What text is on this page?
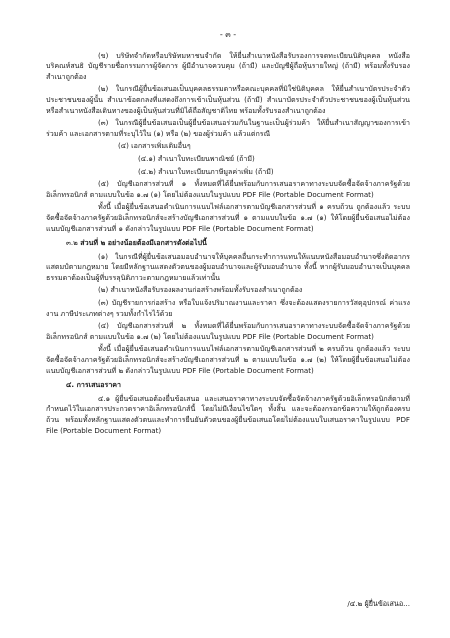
- ๓ -

(ข) บริษัทจำกัดหรือบริษัทมหาชนจำกัด ให้ยื่นสำเนาหนังสือรับรองการจดทะเบียนนิติบุคคล หนังสือบริคณห์สนธิ บัญชีรายชื่อกรรมการผู้จัดการ ผู้มีอำนาจควบคุม (ถ้ามี) และบัญชีผู้ถือหุ้นรายใหญ่ (ถ้ามี) พร้อมทั้งรับรองสำเนาถูกต้อง

(๒) ในกรณีผู้ยื่นข้อเสนอเป็นบุคคลธรรมดาหรือคณะบุคคลที่มิใช่นิติบุคคล ให้ยื่นสำเนาบัตรประจำตัวประชาชนของผู้นั้น สำเนาข้อตกลงที่แสดงถึงการเข้าเป็นหุ้นส่วน (ถ้ามี) สำเนาบัตรประจำตัวประชาชนของผู้เป็นหุ้นส่วน หรือสำเนาหนังสือเดินทางของผู้เป็นหุ้นส่วนที่มิได้ถือสัญชาติไทย พร้อมทั้งรับรองสำเนาถูกต้อง

(๓) ในกรณีผู้ยื่นข้อเสนอเป็นผู้ยื่นข้อเสนอร่วมกันในฐานะเป็นผู้ร่วมค้า ให้ยื่นสำเนาสัญญาของการเข้าร่วมค้า และเอกสารตามที่ระบุไว้ใน (๑) หรือ (๒) ของผู้ร่วมค้า แล้วแต่กรณี

(๔) เอกสารเพิ่มเติมอื่นๆ

(๔.๑) สำเนาใบทะเบียนพาณิชย์ (ถ้ามี)

(๔.๒) สำเนาใบทะเบียนภาษีมูลค่าเพิ่ม (ถ้ามี)

(๕) บัญชีเอกสารส่วนที่ ๑ ทั้งหมดที่ได้ยื่นพร้อมกับการเสนอราคาทางระบบจัดซื้อจัดจ้างภาครัฐด้วยอิเล็กทรอนิกส์ ตามแบบในข้อ ๑.๗ (๑) โดยไม่ต้องแนบในรูปแบบ PDF File (Portable Document Format)

ทั้งนี้ เมื่อผู้ยื่นข้อเสนอดำเนินการแนบไฟล์เอกสารตามบัญชีเอกสารส่วนที่ ๑ ครบถ้วน ถูกต้องแล้ว ระบบจัดซื้อจัดจ้างภาครัฐด้วยอิเล็กทรอนิกส์จะสร้างบัญชีเอกสารส่วนที่ ๑ ตามแบบในข้อ ๑.๗ (๑) ให้โดยผู้ยื่นข้อเสนอไม่ต้องแนบบัญชีเอกสารส่วนที่ ๑ ดังกล่าวในรูปแบบ PDF File (Portable Document Format)

๓.๒ ส่วนที่ ๒ อย่างน้อยต้องมีเอกสารดังต่อไปนี้

(๑) ในกรณีที่ผู้ยื่นข้อเสนอมอบอำนาจให้บุคคลอื่นกระทำการแทนให้แนบหนังสือมอบอำนาจซึ่งติดอากรแสตมป์ตามกฎหมาย โดยมีหลักฐานแสดงตัวตนของผู้มอบอำนาจและผู้รับมอบอำนาจ ทั้งนี้ หากผู้รับมอบอำนาจเป็นบุคคลธรรมดาต้องเป็นผู้ที่บรรลุนิติภาวะตามกฎหมายแล้วเท่านั้น

(๒) สำเนาหนังสือรับรองผลงานก่อสร้างพร้อมทั้งรับรองสำเนาถูกต้อง

(๓) บัญชีรายการก่อสร้าง หรือใบแจ้งปริมาณงานและราคา ซึ่งจะต้องแสดงรายการวัสดุอุปกรณ์ ค่าแรงงาน ภาษีประเภทต่างๆ รวมทั้งกำไรไว้ด้วย

(๔) บัญชีเอกสารส่วนที่ ๒ ทั้งหมดที่ได้ยื่นพร้อมกับการเสนอราคาทางระบบจัดซื้อจัดจ้างภาครัฐด้วยอิเล็กทรอนิกส์ ตามแบบในข้อ ๑.๗ (๒) โดยไม่ต้องแนบในรูปแบบ PDF File (Portable Document Format)

ทั้งนี้ เมื่อผู้ยื่นข้อเสนอดำเนินการแนบไฟล์เอกสารตามบัญชีเอกสารส่วนที่ ๒ ครบถ้วน ถูกต้องแล้ว ระบบจัดซื้อจัดจ้างภาครัฐด้วยอิเล็กทรอนิกส์จะสร้างบัญชีเอกสารส่วนที่ ๒ ตามแบบในข้อ ๑.๗ (๒) ให้โดยผู้ยื่นข้อเสนอไม่ต้องแนบบัญชีเอกสารส่วนที่ ๒ ดังกล่าวในรูปแบบ PDF File (Portable Document Format)

๔. การเสนอราคา

๔.๑ ผู้ยื่นข้อเสนอต้องยื่นข้อเสนอ และเสนอราคาทางระบบจัดซื้อจัดจ้างภาครัฐด้วยอิเล็กทรอนิกส์ตามที่กำหนดไว้ในเอกสารประกวดราคาอิเล็กทรอนิกส์นี้ โดยไม่มีเงื่อนไขใดๆ ทั้งสิ้น และจะต้องกรอกข้อความให้ถูกต้องครบถ้วน พร้อมทั้งหลักฐานแสดงตัวตนและทำการยืนยันตัวตนของผู้ยื่นข้อเสนอโดยไม่ต้องแนบใบเสนอราคาในรูปแบบ PDF File (Portable Document Format)

/๔.๒ ผู้ยื่นข้อเสนอ...
